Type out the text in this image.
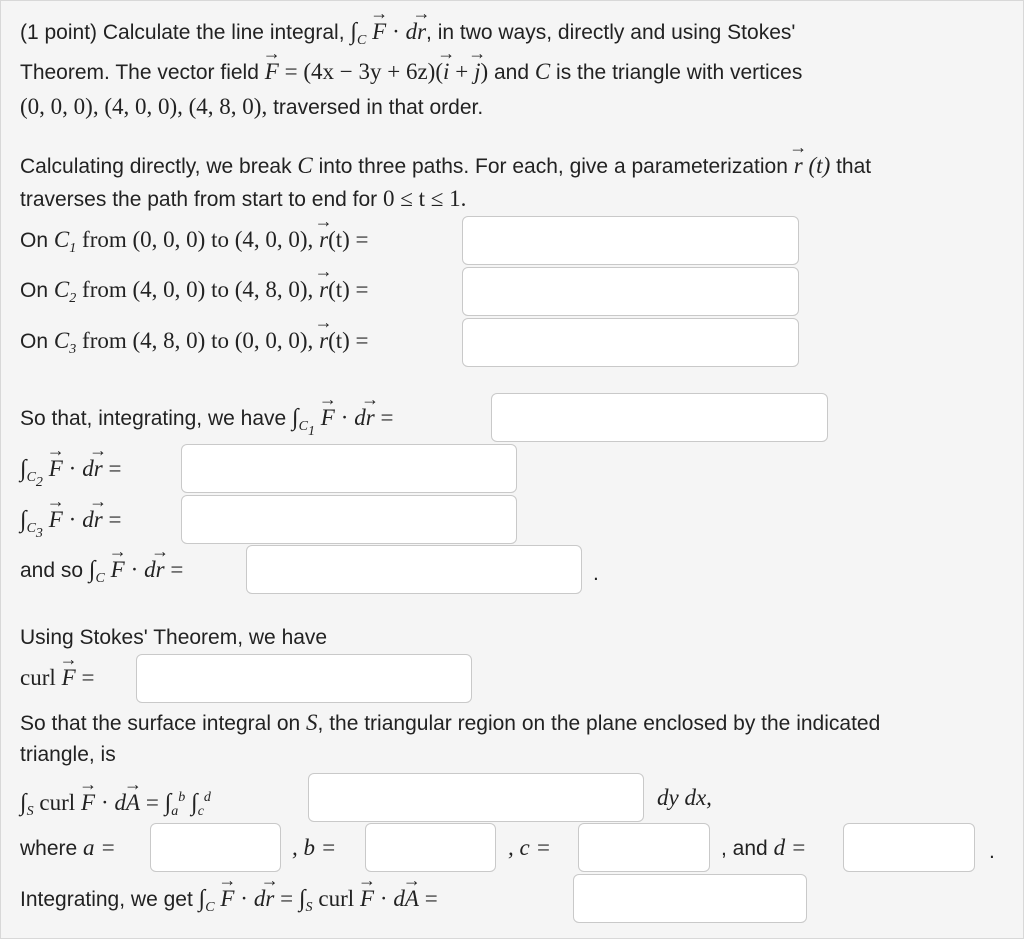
(1 point) Calculate the line integral, $\int_C \to F \cdot d\to r$, in two ways, directly and using Stokes'
Theorem. The vector field → F = (4x − 3y + 6z)(→ i + → j) and C is the triangle with vertices
(0, 0, 0), (4, 0, 0), (4, 8, 0), traversed in that order.
Calculating directly, we break C into three paths. For each, give a parameterization → r (t) that
traverses the path from start to end for 0 ≤ t ≤ 1.
On $C_1$ from (0, 0, 0) to (4, 0, 0), → r(t) =
On $C_2$ from (4, 0, 0) to (4, 8, 0), → r(t) =
On $C_3$ from (4, 8, 0) to (0, 0, 0), → r(t) =
So that, integrating, we have $\int_{C_1} \to F \cdot d\to r$ =
$\int_{C_2} \to F \cdot d\to r$ =
$\int_{C_3} \to F \cdot d\to r$ =
and so $\int_C \to F \cdot d\to r$ =	.
Using Stokes' Theorem, we have
curl → F =
So that the surface integral on S, the triangular region on the plane enclosed by the indicated
triangle, is
$\int_S$ curl → $F \cdot d\to A = \int_a^b$ $\int_c^d$	dy dx,
where a =	, b =	, c =	, and d =	.
Integrating, we get $\int_C \to F \cdot d\to r = \int_S$ curl → F · d→ A =
